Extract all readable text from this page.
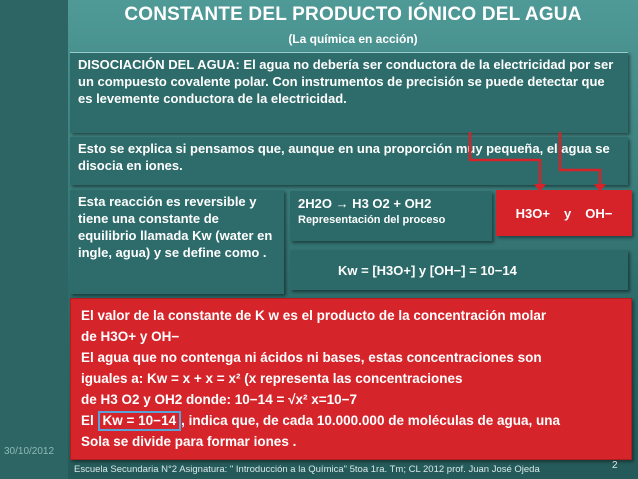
CONSTANTE DEL PRODUCTO IÓNICO DEL AGUA
(La química en acción)
DISOCIACIÓN DEL AGUA: El agua no debería ser conductora de la electricidad por ser un compuesto covalente polar. Con instrumentos de precisión se puede detectar que es levemente conductora de la electricidad.
Esto se explica si pensamos que, aunque en una proporción muy pequeña, el agua se disocia en iones.
Esta reacción es reversible y tiene una constante de equilibrio llamada Kw (water en ingle, agua) y se define como .
2H2O → H3 O2 + OH2
Representación del proceso	H3O+ y OH−
Kw = [H3O+] y [OH−] = 10−14
El valor de la constante de K w es el producto de la concentración molar
de H3O+ y OH−
El agua que no contenga ni ácidos ni bases, estas concentraciones son
iguales a: Kw = x + x = x² (x representa las concentraciones
de H3 O2 y OH2 donde: 10−14 = √x² x=10−7
El Kw = 10−14 , indica que, de cada 10.000.000 de moléculas de agua, una
Sola se divide para formar iones .
30/10/2012
Escuela Secundaria N°2 Asignatura: " Introducción a la Química" 5toa 1ra. Tm; CL 2012 prof. Juan José Ojeda	2
